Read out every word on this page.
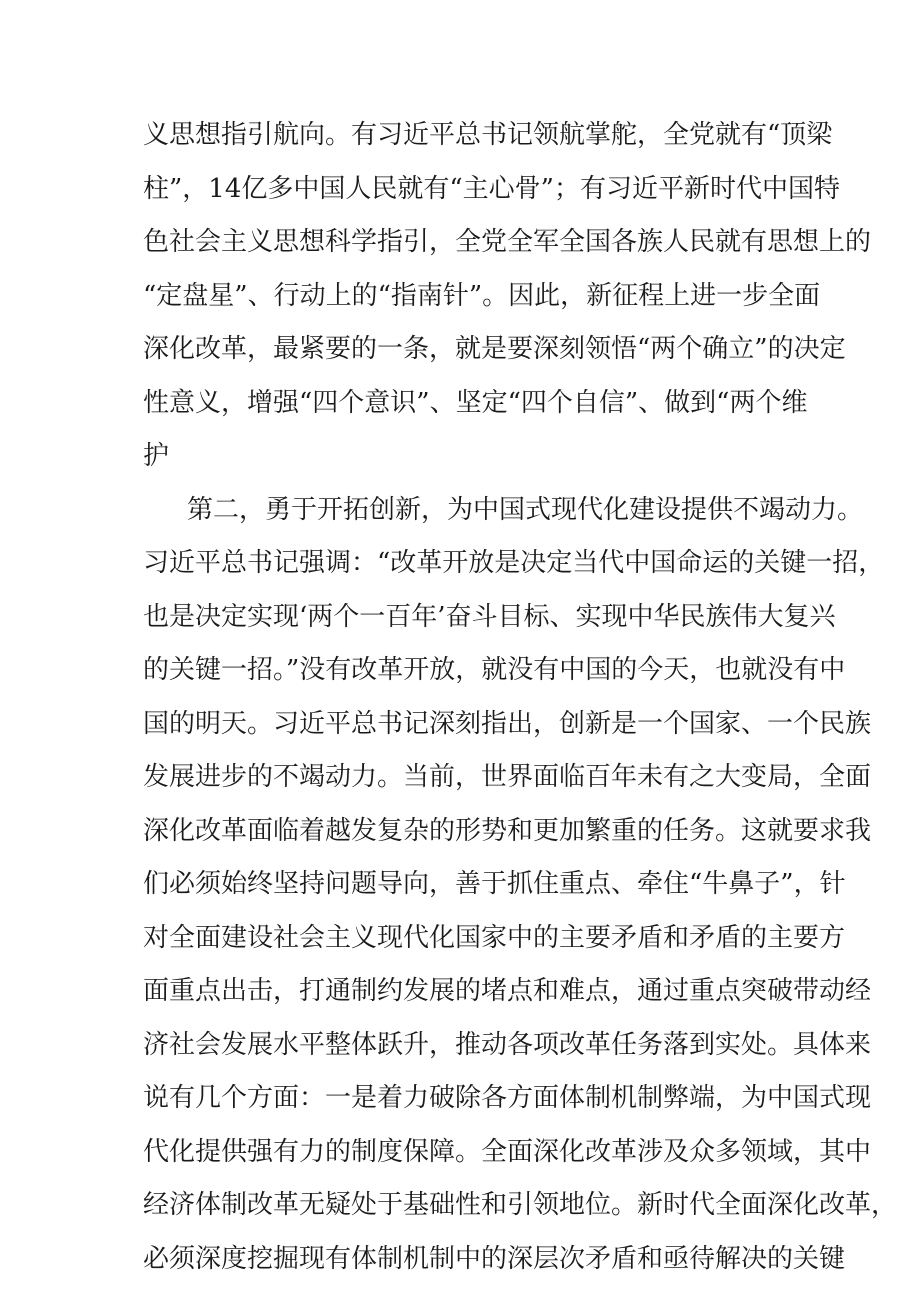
义思想指引航向。有习近平总书记领航掌舵，全党就有“顶梁
柱”，14亿多中国人民就有“主心骨”；有习近平新时代中国特
色社会主义思想科学指引，全党全军全国各族人民就有思想上的
“定盘星”、行动上的“指南针”。因此，新征程上进一步全面
深化改革，最紧要的一条，就是要深刻领悟“两个确立”的决定
性意义，增强“四个意识”、坚定“四个自信”、做到“两个维
护
第二，勇于开拓创新，为中国式现代化建设提供不竭动力。
习近平总书记强调：“改革开放是决定当代中国命运的关键一招，
也是决定实现‘两个一百年’奋斗目标、实现中华民族伟大复兴
的关键一招。”没有改革开放，就没有中国的今天，也就没有中
国的明天。习近平总书记深刻指出，创新是一个国家、一个民族
发展进步的不竭动力。当前，世界面临百年未有之大变局，全面
深化改革面临着越发复杂的形势和更加繁重的任务。这就要求我
们必须始终坚持问题导向，善于抓住重点、牵住“牛鼻子”，针
对全面建设社会主义现代化国家中的主要矛盾和矛盾的主要方
面重点出击，打通制约发展的堵点和难点，通过重点突破带动经
济社会发展水平整体跃升，推动各项改革任务落到实处。具体来
说有几个方面：一是着力破除各方面体制机制弊端，为中国式现
代化提供强有力的制度保障。全面深化改革涉及众多领域，其中
经济体制改革无疑处于基础性和引领地位。新时代全面深化改革，
必须深度挖掘现有体制机制中的深层次矛盾和亟待解决的关键
